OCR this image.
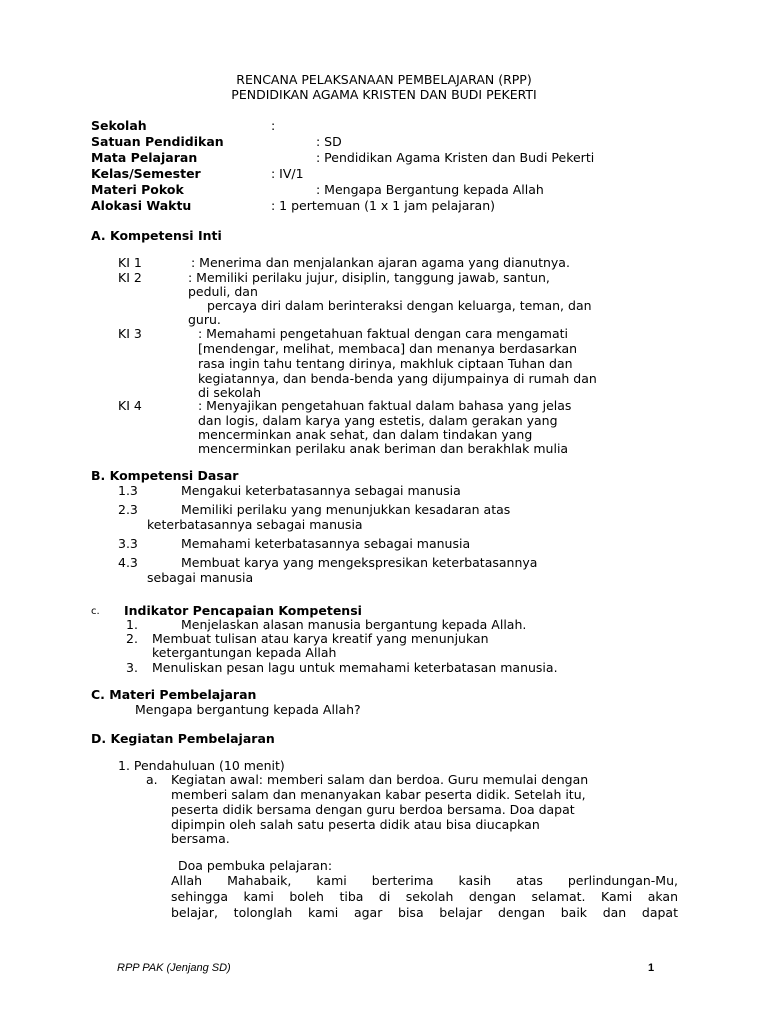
RENCANA PELAKSANAAN PEMBELAJARAN (RPP)
PENDIDIKAN AGAMA KRISTEN DAN BUDI PEKERTI
Sekolah	:
Satuan Pendidikan	: SD
Mata Pelajaran	: Pendidikan Agama Kristen dan Budi Pekerti
Kelas/Semester	: IV/1
Materi Pokok	: Mengapa Bergantung kepada Allah
Alokasi Waktu	: 1 pertemuan (1 x 1 jam pelajaran)
A. Kompetensi Inti
KI 1	: Menerima dan menjalankan ajaran agama yang dianutnya.
KI 2	: Memiliki perilaku jujur, disiplin, tanggung jawab, santun,
peduli, dan
percaya diri dalam berinteraksi dengan keluarga, teman, dan
guru.
KI 3	: Memahami pengetahuan faktual dengan cara mengamati
[mendengar, melihat, membaca] dan menanya berdasarkan
rasa ingin tahu tentang dirinya, makhluk ciptaan Tuhan dan
kegiatannya, dan benda-benda yang dijumpainya di rumah dan
di sekolah
KI 4	: Menyajikan pengetahuan faktual dalam bahasa yang jelas
dan logis, dalam karya yang estetis, dalam gerakan yang
mencerminkan anak sehat, dan dalam tindakan yang
mencerminkan perilaku anak beriman dan berakhlak mulia
B. Kompetensi Dasar
1.3	Mengakui keterbatasannya sebagai manusia
2.3	Memiliki perilaku yang menunjukkan kesadaran atas
keterbatasannya sebagai manusia
3.3	Memahami keterbatasannya sebagai manusia
4.3	Membuat karya yang mengekspresikan keterbatasannya
sebagai manusia
c. Indikator Pencapaian Kompetensi
1.	Menjelaskan alasan manusia bergantung kepada Allah.
2. Membuat tulisan atau karya kreatif yang menunjukan
ketergantungan kepada Allah
3. Menuliskan pesan lagu untuk memahami keterbatasan manusia.
C. Materi Pembelajaran
Mengapa bergantung kepada Allah?
D. Kegiatan Pembelajaran
1. Pendahuluan (10 menit)
a. Kegiatan awal: memberi salam dan berdoa. Guru memulai dengan
memberi salam dan menanyakan kabar peserta didik. Setelah itu,
peserta didik bersama dengan guru berdoa bersama. Doa dapat
dipimpin oleh salah satu peserta didik atau bisa diucapkan
bersama.
Doa pembuka pelajaran:
Allah Mahabaik, kami berterima kasih atas perlindungan-Mu,
sehingga kami boleh tiba di sekolah dengan selamat. Kami akan
belajar, tolonglah kami agar bisa belajar dengan baik dan dapat
RPP PAK (Jenjang SD)	1
